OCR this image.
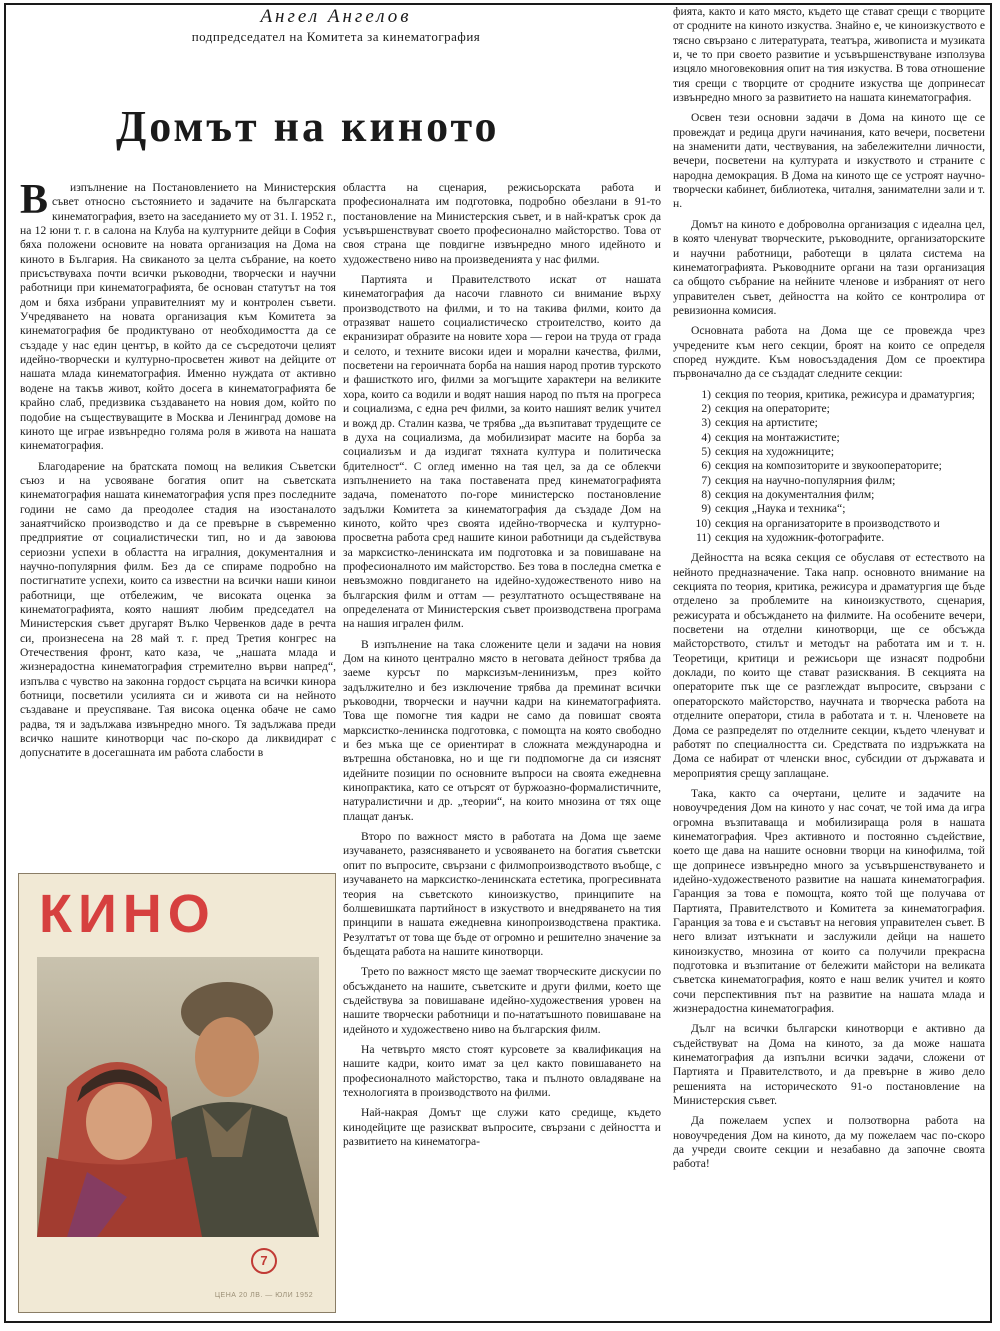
Ангел Ангелов
подпредседател на Комитета за кинематография
Домът на киното

В изпълнение на Постановлението на Министерския съвет относно състоянието и задачите на българската кинематография, взето на заседанието му от 31. I. 1952 г., на 12 юни т. г. в салона на Клуба на културните дейци в София бяха положени основите на новата организация на Дома на киното в България. На свиканото за целта събрание, на което присъствуваха почти всички ръководни, творчески и научни работници при кинематографията, бе основан статутът на тоя дом и бяха избрани управителният му и контролен съвети. Учредяването на новата организация към Комитета за кинематография бе продиктувано от необходимостта да се създаде у нас един център, в който да се съсредоточи целият идейно-творчески и културно-просветен живот на дейците от нашата млада кинематография. Именно нуждата от активно водене на такъв живот, който досега в кинематографията бе крайно слаб, предизвика създаването на новия дом, който по подобие на съществуващите в Москва и Ленинград домове на киното ще играе извънредно голяма роля в живота на нашата кинематография.

Благодарение на братската помощ на великия Съветски съюз и на усвояване богатия опит на съветската кинематография нашата кинематография успя през последните години не само да преодолее стадия на изостаналото занаятчийско производство и да се превърне в съвременно предприятие от социалистически тип, но и да завоюва сериозни успехи в областта на игралния, документалния и научно-популярния филм. Без да се спираме подробно на постигнатите успехи, които са известни на всички наши кинои работници, ще отбележим, че високата оценка за кинематографията, която нашият любим председател на Министерския съвет другарят Вълко Червенков даде в речта си, произнесена на 28 май т. г. пред Третия конгрес на Отечествения фронт, като каза, че „нашата млада и жизнерадостна кинематография стремително върви напред“, изпълва с чувство на законна гордост сърцата на всички кинора ботници, посветили усилията си и живота си на нейното създаване и преуспяване. Тая висока оценка обаче не само радва, тя и задължава извънредно много. Тя задължава преди всичко нашите кинотворци час по-скоро да ликвидират с допуснатите в досегашната им работа слабости в

КИНО
7
ЦЕНА 20 ЛВ. — ЮЛИ 1952

областта на сценария, режисьорската работа и професионалната им подготовка, подробно обезлани в 91-то постановление на Министерския съвет, и в най-кратък срок да усъвършенствуват своето професионално майсторство. Това от своя страна ще повдигне извънредно много идейното и художествено ниво на произведенията у нас филми.

Партията и Правителството искат от нашата кинематография да насочи главното си внимание върху производството на филми, и то на такива филми, които да отразяват нашето социалистическо строителство, които да екранизират образите на новите хора — герои на труда от града и селото, и техните високи идеи и морални качества, филми, посветени на героичната борба на нашия народ против турското и фашисткото иго, филми за могъщите характери на великите хора, които са водили и водят нашия народ по пътя на прогреса и социализма, с една реч филми, за които нашият велик учител и вожд др. Сталин казва, че трябва „да възпитават трудещите се в духа на социализма, да мобилизират масите на борба за социализъм и да издигат тяхната култура и политическа бдителност“. С оглед именно на тая цел, за да се облекчи изпълнението на така поставената пред кинематографията задача, поменатото по-горе министерско постановление задължи Комитета за кинематография да създаде Дом на киното, който чрез своята идейно-творческа и културно-просветна работа сред нашите кинои работници да съдействува за марксистко-ленинската им подготовка и за повишаване на професионалното им майсторство. Без това в последна сметка е невъзможно повдигането на идейно-художественото ниво на българския филм и оттам — резултатното осъществяване на определената от Министерския съвет производствена програма на нашия игрален филм.

В изпълнение на така сложените цели и задачи на новия Дом на киното централно място в неговата дейност трябва да заеме курсът по марксизъм-ленинизъм, през който задължително и без изключение трябва да преминат всички ръководни, творчески и научни кадри на кинематографията. Това ще помогне тия кадри не само да повишат своята марксистко-ленинска подготовка, с помощта на която свободно и без мъка ще се ориентират в сложната международна и вътрешна обстановка, но и ще ги подпомогне да си изяснят идейните позиции по основните въпроси на своята ежедневна кинопрактика, като се отърсят от буржоазно-формалистичните, натуралистични и др. „теории“, на които мнозина от тях още плащат данък.

Второ по важност място в работата на Дома ще заеме изучаването, разясняването и усвояването на богатия съветски опит по въпросите, свързани с филмопроизводството въобще, с изучаването на марксистко-ленинската естетика, прогресивната теория на съветското киноизкуство, принципите на болшевишката партийност в изкуството и внедряването на тия принципи в нашата ежедневна кинопроизводствена практика. Резултатът от това ще бъде от огромно и решително значение за бъдещата работа на нашите кинотворци.

Трето по важност място ще заемат творческите дискусии по обсъждането на нашите, съветските и други филми, което ще съдействува за повишаване идейно-художествения уровен на нашите творчески работници и по-нататъшното повишаване на идейното и художествено ниво на българския филм.

На четвърто място стоят курсовете за квалификация на нашите кадри, които имат за цел както повишаването на професионалното майсторство, така и пълното овладяване на технологията в производството на филми.

Най-накрая Домът ще служи като средище, където кинодейците ще разискват въпросите, свързани с дейността и развитието на кинематогра-

фията, както и като място, където ще стават срещи с творците от сродните на киното изкуства. Знайно е, че киноизкуството е тясно свързано с литературата, театъра, живописта и музиката и, че то при своето развитие и усъвършенствуване използува изцяло многовековния опит на тия изкуства. В това отношение тия срещи с творците от сродните изкуства ще допринесат извънредно много за развитието на нашата кинематография.

Освен тези основни задачи в Дома на киното ще се провеждат и редица други начинания, като вечери, посветени на знаменити дати, чествувания, на забележителни личности, вечери, посветени на културата и изкуството и страните с народна демокрация. В Дома на киното ще се устроят научно-творчески кабинет, библиотека, читалня, занимателни зали и т. н.

Домът на киното е доброволна организация с идеална цел, в която членуват творческите, ръководните, организаторските и научни работници, работещи в цялата система на кинематографията. Ръководните органи на тази организация са общото събрание на нейните членове и избраният от него управителен съвет, дейността на който се контролира от ревизионна комисия.

Основната работа на Дома ще се провежда чрез учредените към него секции, броят на които се определя според нуждите. Към новосъздадения Дом се проектира първоначално да се създадат следните секции:

1) секция по теория, критика, режисура и драматургия;
2) секция на операторите;
3) секция на артистите;
4) секция на монтажистите;
5) секция на художниците;
6) секция на композиторите и звукооператорите;
7) секция на научно-популярния филм;
8) секция на документалния филм;
9) секция „Наука и техника“;
10) секция на организаторите в производството и
11) секция на художник-фотографите.

Дейността на всяка секция се обуславя от естеството на нейното предназначение. Така напр. основното внимание на секцията по теория, критика, режисура и драматургия ще бъде отделено за проблемите на киноизкуството, сценария, режисурата и обсъждането на филмите. На особените вечери, посветени на отделни кинотворци, ще се обсъжда майсторството, стилът и методът на работата им и т. н. Теоретици, критици и режисьори ще изнасят подробни доклади, по които ще стават разисквания. В секцията на операторите пък ще се разглеждат въпросите, свързани с операторското майсторство, научната и творческа работа на отделните оператори, стила в работата и т. н. Членовете на Дома се разпределят по отделните секции, където членуват и работят по специалността си. Средствата по издръжката на Дома се набират от членски внос, субсидии от държавата и мероприятия срещу заплащане.

Така, както са очертани, целите и задачите на новоучредения Дом на киното у нас сочат, че той има да игра огромна възпитаваща и мобилизираща роля в нашата кинематография. Чрез активното и постоянно съдействие, което ще дава на нашите основни творци на кинофилма, той ще допринесе извънредно много за усъвършенствуването и идейно-художественото развитие на нашата кинематография. Гаранция за това е помощта, която той ще получава от Партията, Правителството и Комитета за кинематография. Гаранция за това е и съставът на неговия управителен съвет. В него влизат изтъкнати и заслужили дейци на нашето киноизкуство, мнозина от които са получили прекрасна подготовка и възпитание от бележити майстори на великата съветска кинематография, която е наш велик учител и която сочи перспективния път на развитие на нашата млада и жизнерадостна кинематография.

Дълг на всички български кинотворци е активно да съдействуват на Дома на киното, за да може нашата кинематография да изпълни всички задачи, сложени от Партията и Правителството, и да превърне в живо дело решенията на историческото 91-о постановление на Министерския съвет.

Да пожелаем успех и ползотворна работа на новоучредения Дом на киното, да му пожелаем час по-скоро да учреди своите секции и незабавно да започне своята работа!
